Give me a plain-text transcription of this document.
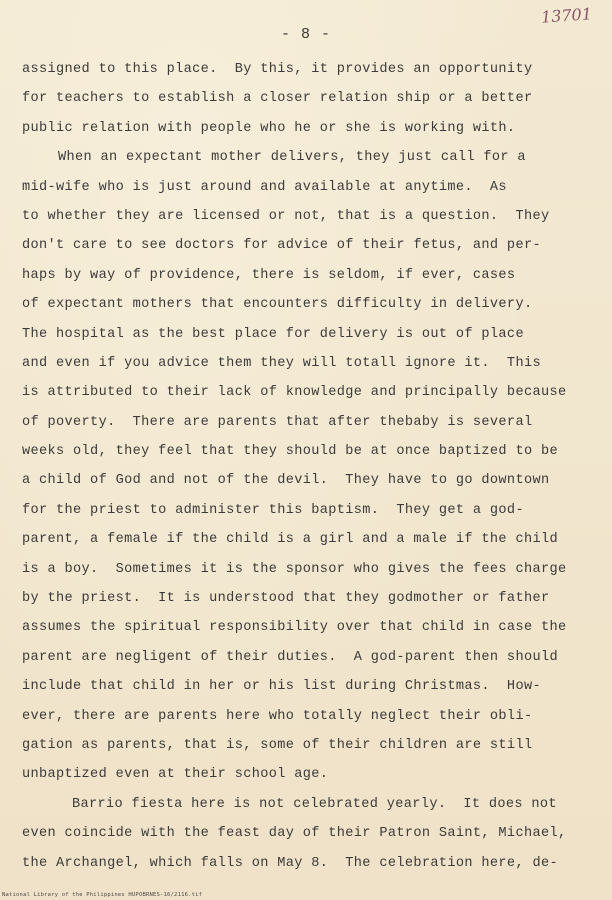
- 8 -
13701
assigned to this place.  By this, it provides an opportunity
for teachers to establish a closer relation ship or a better
public relation with people who he or she is working with.
When an expectant mother delivers, they just call for a
mid-wife who is just around and available at anytime.  As
to whether they are licensed or not, that is a question.  They
don't care to see doctors for advice of their fetus, and per-
haps by way of providence, there is seldom, if ever, cases
of expectant mothers that encounters difficulty in delivery.
The hospital as the best place for delivery is out of place
and even if you advice them they will totall ignore it.  This
is attributed to their lack of knowledge and principally because
of poverty.  There are parents that after thebaby is several
weeks old, they feel that they should be at once baptized to be
a child of God and not of the devil.  They have to go downtown
for the priest to administer this baptism.  They get a god-
parent, a female if the child is a girl and a male if the child
is a boy.  Sometimes it is the sponsor who gives the fees charge
by the priest.  It is understood that they godmother or father
assumes the spiritual responsibility over that child in case the
parent are negligent of their duties.  A god-parent then should
include that child in her or his list during Christmas.  How-
ever, there are parents here who totally neglect their obli-
gation as parents, that is, some of their children are still
unbaptized even at their school age.
Barrio fiesta here is not celebrated yearly.  It does not
even coincide with the feast day of their Patron Saint, Michael,
the Archangel, which falls on May 8.  The celebration here, de-
National Library of the Philippines HUPOBRNES-16/2116.tif
